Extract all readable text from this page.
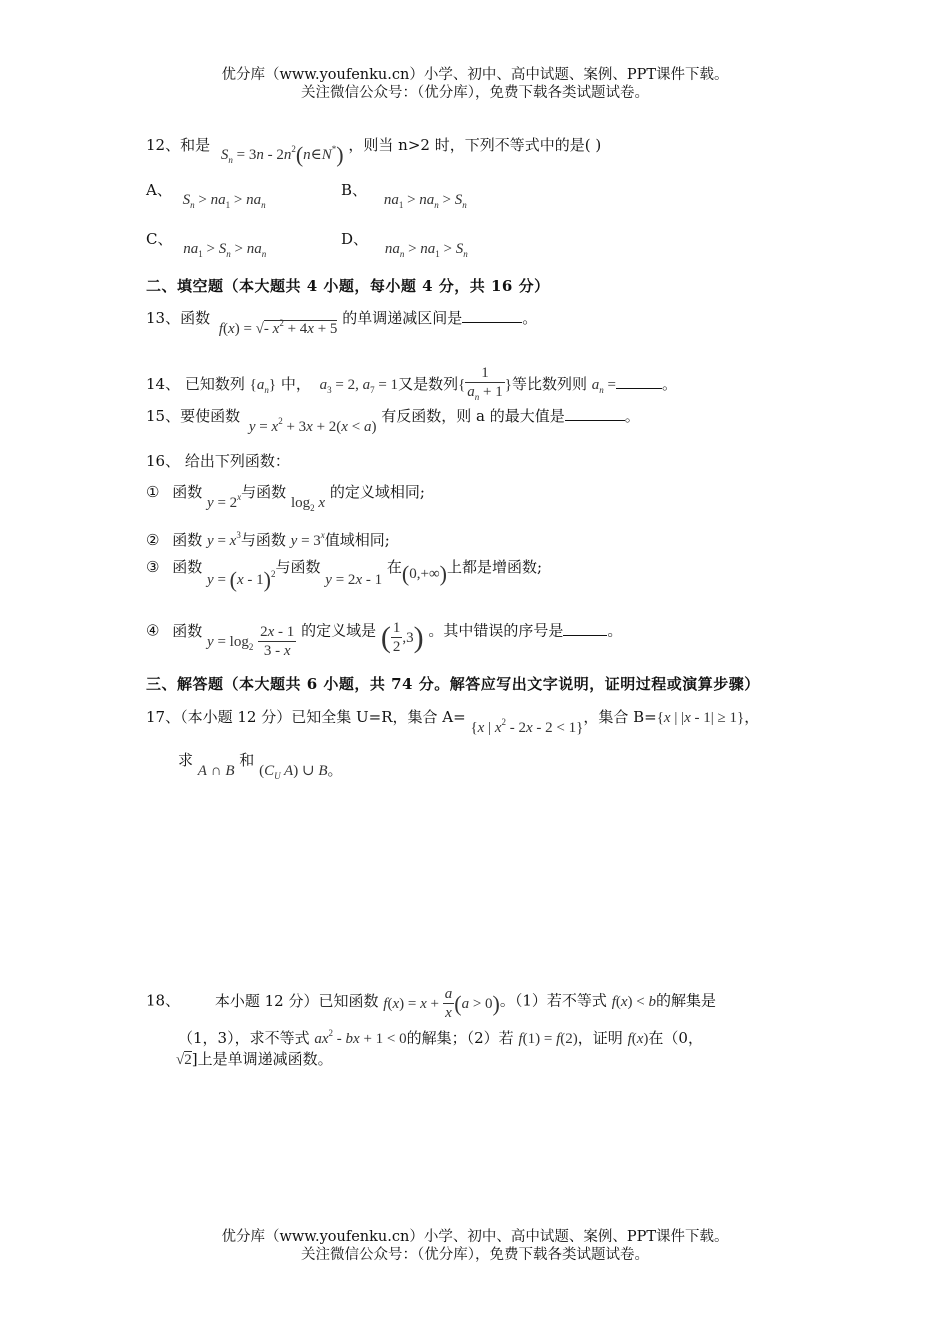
优分库（www.youfenku.cn）小学、初中、高中试题、案例、PPT课件下载。
关注微信公众号：（优分库），免费下载各类试题试卷。
12、和是 $S_n = 3n$ - $2n^2(n\in N^*)$ ，则当 n>2 时，下列不等式中的是( )
A、 $S_n > na_1 > na_n$
B、 $na_1 > na_n > S_n$
C、 $na_1 > S_n > na_n$
D、 $na_n > na_1 > S_n$
二、填空题（本大题共 4 小题，每小题 4 分，共 16 分）
13、函数 f(x) = √- $x^2 + 4x + 5$ 的单调递减区间是	。
14、 已知数列 $\{a_n\}$ 中， $a_3 = 2$, $a_7 = 1$又是数列{ $\frac{1}{a_n + 1}$ }等比数列则 $a_n$ =	。
15、要使函数 $y = x^2 + 3x + 2(x < a)$ 有反函数，则 a 的最大值是	。
16、 给出下列函数：
① 函数 $y = 2^x$与函数 $\log_2 x$ 的定义域相同;
② 函数 $y = x^3$与函数 $y = 3^x$值域相同;
③ 函数 y = (x - 1)$^2$与函数 y = 2x - 1 在(0,+∞)上都是增函数;
④ 函数 $y = \log_2 \frac{2x - 1}{3 - x}$ 的定义域是 ( $\frac{1}{2} ,3$) 。其中错误的序号是	。
三、解答题（本大题共 6 小题，共 74 分。解答应写出文字说明，证明过程或演算步骤）
17、（本小题 12 分）已知全集 U=R，集合 A= {x | $x^2 - 2x - 2 < 1$}，集合 B={x | |x - 1| ≥ 1}，
求 A ∩ B 和 ($C_U$ A) ∪ B。
18、 本小题 12 分）已知函数 $f(x) = x + \frac{a}{x} (a > 0)$。（1）若不等式 f(x) < b的解集是
（1，3），求不等式 $ax^2$ - bx + 1 < 0的解集；（2）若 f(1) = f(2)，证明 f(x)在（0，
√2]上是单调递减函数。
优分库（www.youfenku.cn）小学、初中、高中试题、案例、PPT课件下载。
关注微信公众号：（优分库），免费下载各类试题试卷。
